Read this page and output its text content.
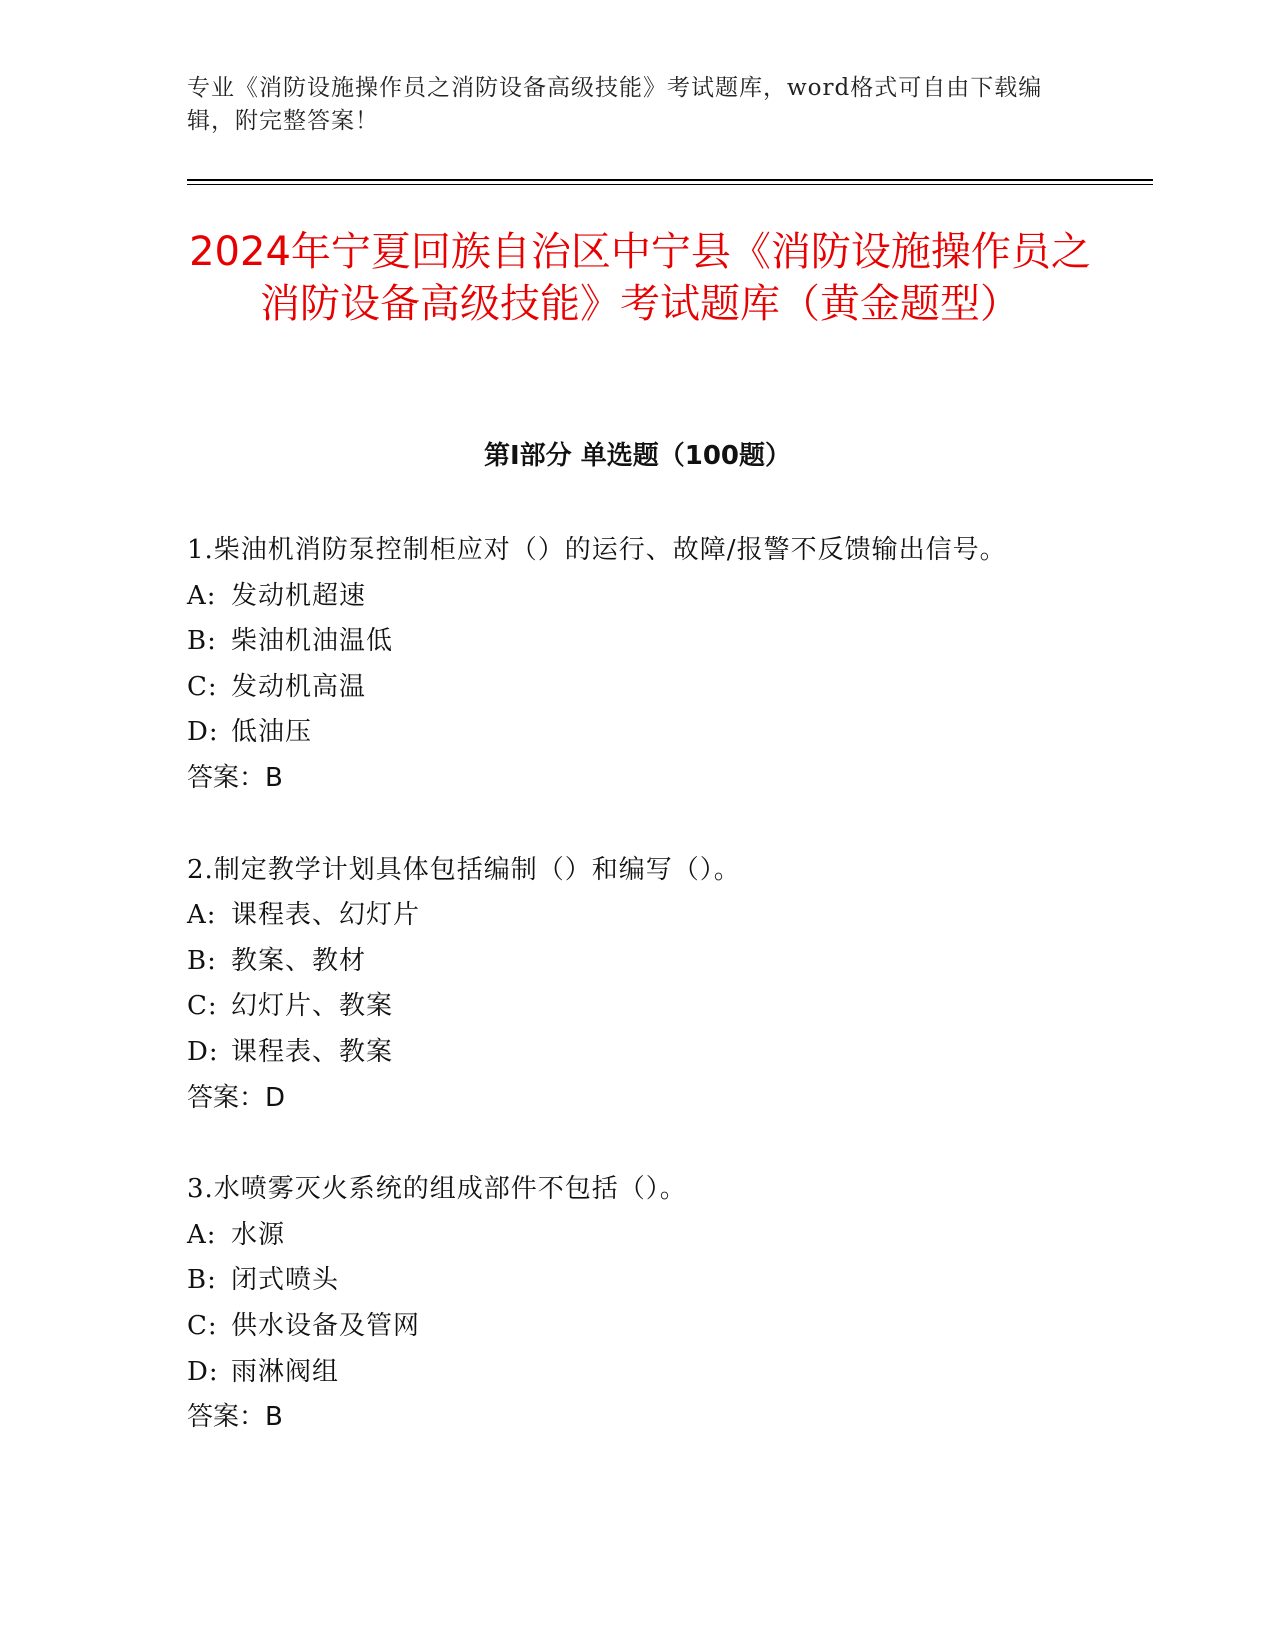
专业《消防设施操作员之消防设备高级技能》考试题库，word格式可自由下载编辑，附完整答案！
2024年宁夏回族自治区中宁县《消防设施操作员之消防设备高级技能》考试题库（黄金题型）
第I部分 单选题（100题）
1.柴油机消防泵控制柜应对（）的运行、故障/报警不反馈输出信号。
A: 发动机超速
B: 柴油机油温低
C: 发动机高温
D: 低油压
答案：B
2.制定教学计划具体包括编制（）和编写（）。
A: 课程表、幻灯片
B: 教案、教材
C: 幻灯片、教案
D: 课程表、教案
答案：D
3.水喷雾灭火系统的组成部件不包括（）。
A: 水源
B: 闭式喷头
C: 供水设备及管网
D: 雨淋阀组
答案：B
